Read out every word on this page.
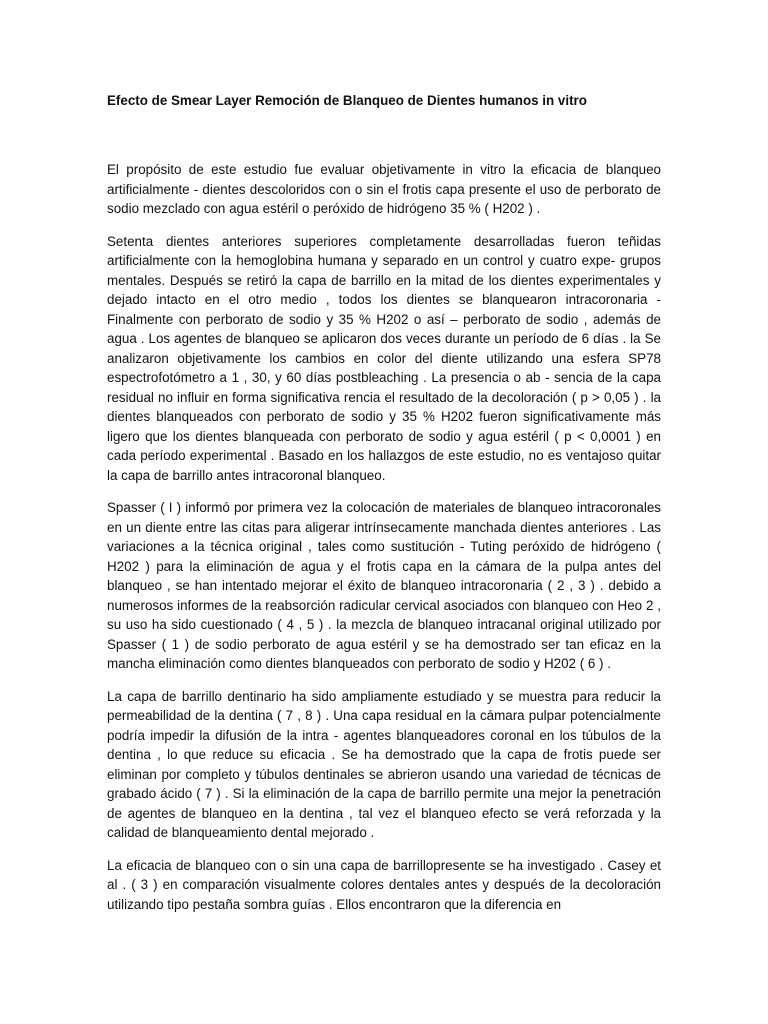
Efecto de Smear Layer Remoción de Blanqueo de Dientes humanos in vitro

El propósito de este estudio fue evaluar objetivamente in vitro la eficacia de blanqueo artificialmente - dientes descoloridos con o sin el frotis capa presente el uso de perborato de sodio mezclado con agua estéril o peróxido de hidrógeno 35 % ( H202 ) .

Setenta dientes anteriores superiores completamente desarrolladas fueron teñidas artificialmente con la hemoglobina humana y separado en un control y cuatro expe- grupos mentales. Después se retiró la capa de barrillo en la mitad de los dientes experimentales y dejado intacto en el otro medio , todos los dientes se blanquearon intracoronaria - Finalmente con perborato de sodio y 35 % H202 o así – perborato de sodio , además de agua . Los agentes de blanqueo se aplicaron dos veces durante un período de 6 días . la Se analizaron objetivamente los cambios en color del diente utilizando una esfera SP78 espectrofotómetro a 1 , 30, y 60 días postbleaching . La presencia o ab - sencia de la capa residual no influir en forma significativa rencia el resultado de la decoloración ( p > 0,05 ) . la dientes blanqueados con perborato de sodio y 35 % H202 fueron significativamente más ligero que los dientes blanqueada con perborato de sodio y agua estéril ( p < 0,0001 ) en cada período experimental . Basado en los hallazgos de este estudio, no es ventajoso quitar la capa de barrillo antes intracoronal blanqueo.

Spasser ( I ) informó por primera vez la colocación de materiales de blanqueo intracoronales en un diente entre las citas para aligerar intrínsecamente manchada dientes anteriores . Las variaciones a la técnica original , tales como sustitución - Tuting peróxido de hidrógeno ( H202 ) para la eliminación de agua y el frotis capa en la cámara de la pulpa antes del blanqueo , se han intentado mejorar el éxito de blanqueo intracoronaria ( 2 , 3 ) . debido a numerosos informes de la reabsorción radicular cervical asociados con blanqueo con Heo 2 , su uso ha sido cuestionado ( 4 , 5 ) . la mezcla de blanqueo intracanal original utilizado por Spasser ( 1 ) de sodio perborato de agua estéril y se ha demostrado ser tan eficaz en la mancha eliminación como dientes blanqueados con perborato de sodio y H202 ( 6 ) .

La capa de barrillo dentinario ha sido ampliamente estudiado y se muestra para reducir la permeabilidad de la dentina ( 7 , 8 ) . Una capa residual en la cámara pulpar potencialmente podría impedir la difusión de la intra - agentes blanqueadores coronal en los túbulos de la dentina , lo que reduce su eficacia . Se ha demostrado que la capa de frotis puede ser eliminan por completo y túbulos dentinales se abrieron usando una variedad de técnicas de grabado ácido ( 7 ) . Si la eliminación de la capa de barrillo permite una mejor la penetración de agentes de blanqueo en la dentina , tal vez el blanqueo efecto se verá reforzada y la calidad de blanqueamiento dental mejorado .

La eficacia de blanqueo con o sin una capa de barrillopresente se ha investigado . Casey et al . ( 3 ) en comparación visualmente colores dentales antes y después de la decoloración utilizando tipo pestaña sombra guías . Ellos encontraron que la diferencia en
